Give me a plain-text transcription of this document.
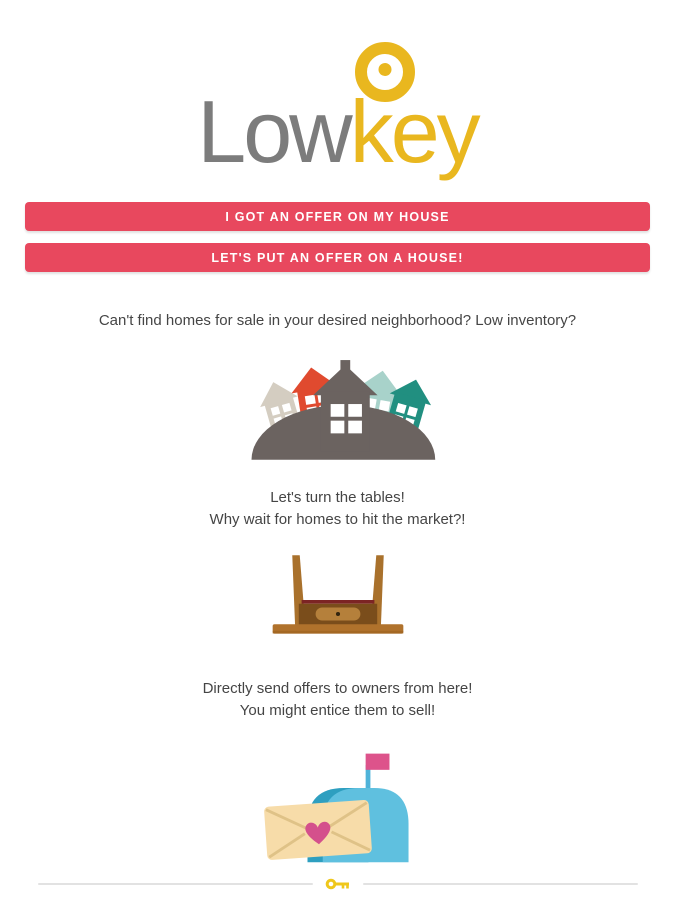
Lowkey
I GOT AN OFFER ON MY HOUSE
LET'S PUT AN OFFER ON A HOUSE!

Can't find homes for sale in your desired neighborhood? Low inventory?

Let's turn the tables!
Why wait for homes to hit the market?!

Directly send offers to owners from here!
You might entice them to sell!
